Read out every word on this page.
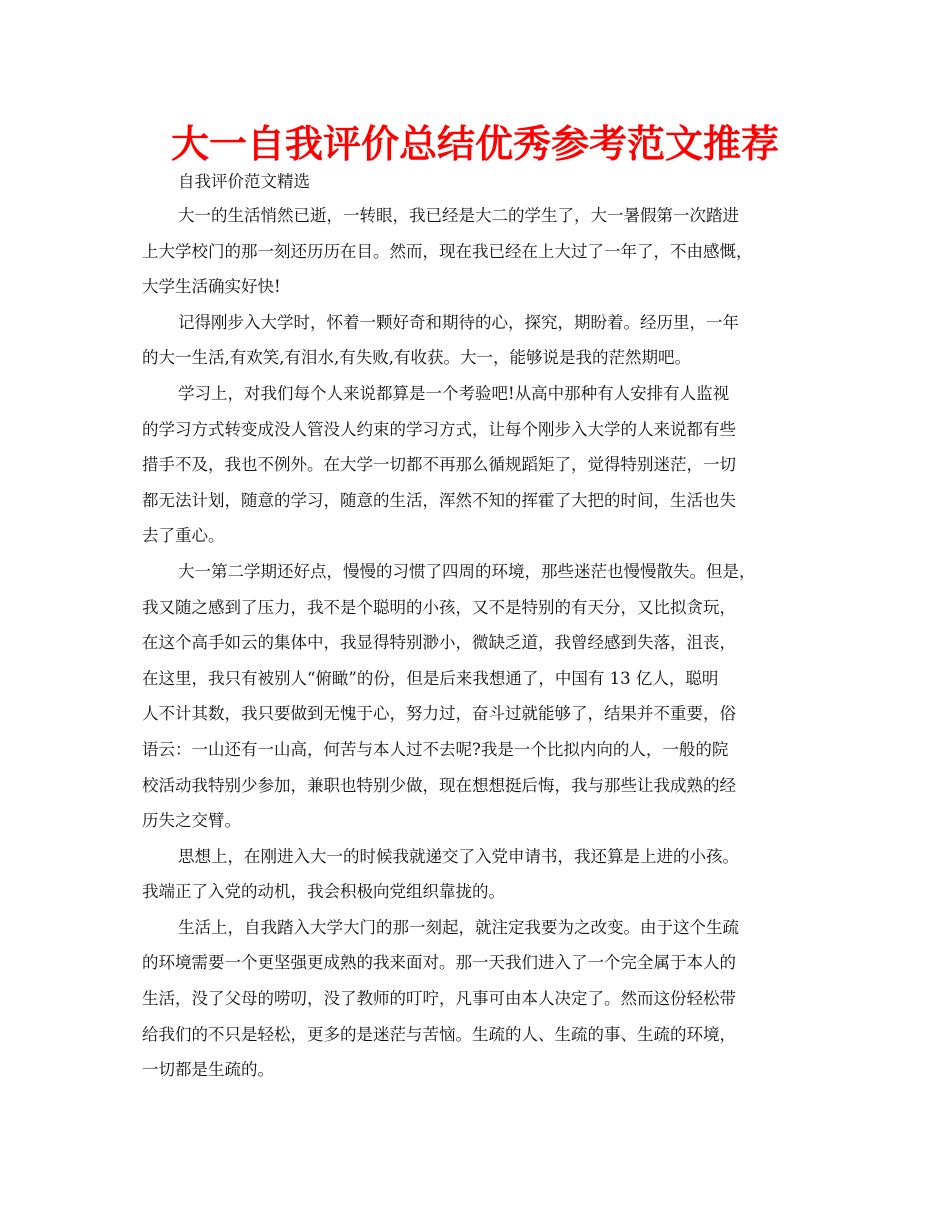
大一自我评价总结优秀参考范文推荐
自我评价范文精选

大一的生活悄然已逝，一转眼，我已经是大二的学生了，大一暑假第一次踏进
上大学校门的那一刻还历历在目。然而，现在我已经在上大过了一年了，不由感慨，
大学生活确实好快!

记得刚步入大学时，怀着一颗好奇和期待的心，探究，期盼着。经历里，一年
的大一生活,有欢笑,有泪水,有失败,有收获。大一，能够说是我的茫然期吧。

学习上，对我们每个人来说都算是一个考验吧!从高中那种有人安排有人监视
的学习方式转变成没人管没人约束的学习方式，让每个刚步入大学的人来说都有些
措手不及，我也不例外。在大学一切都不再那么循规蹈矩了，觉得特别迷茫，一切
都无法计划，随意的学习，随意的生活，浑然不知的挥霍了大把的时间，生活也失
去了重心。

大一第二学期还好点，慢慢的习惯了四周的环境，那些迷茫也慢慢散失。但是，
我又随之感到了压力，我不是个聪明的小孩，又不是特别的有天分，又比拟贪玩，
在这个高手如云的集体中，我显得特别渺小，微缺乏道，我曾经感到失落，沮丧，
在这里，我只有被别人“俯瞰”的份，但是后来我想通了，中国有 13 亿人，聪明
人不计其数，我只要做到无愧于心，努力过，奋斗过就能够了，结果并不重要，俗
语云：一山还有一山高，何苦与本人过不去呢?我是一个比拟内向的人，一般的院
校活动我特别少参加，兼职也特别少做，现在想想挺后悔，我与那些让我成熟的经
历失之交臂。

思想上，在刚进入大一的时候我就递交了入党申请书，我还算是上进的小孩。
我端正了入党的动机，我会积极向党组织靠拢的。

生活上，自我踏入大学大门的那一刻起，就注定我要为之改变。由于这个生疏
的环境需要一个更坚强更成熟的我来面对。那一天我们进入了一个完全属于本人的
生活，没了父母的唠叨，没了教师的叮咛，凡事可由本人决定了。然而这份轻松带
给我们的不只是轻松，更多的是迷茫与苦恼。生疏的人、生疏的事、生疏的环境，
一切都是生疏的。
